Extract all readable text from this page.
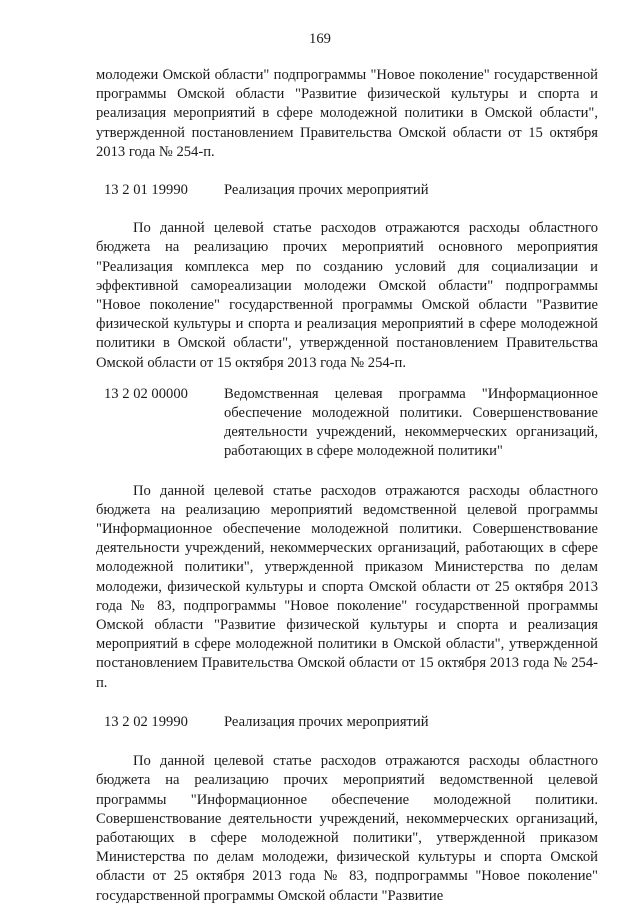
169

молодежи Омской области" подпрограммы "Новое поколение" государственной программы Омской области "Развитие физической культуры и спорта и реализация мероприятий в сфере молодежной политики в Омской области", утвержденной постановлением Правительства Омской области от 15 октября 2013 года № 254-п.

13 2 01 19990	Реализация прочих мероприятий

По данной целевой статье расходов отражаются расходы областного бюджета на реализацию прочих мероприятий основного мероприятия "Реализация комплекса мер по созданию условий для социализации и эффективной самореализации молодежи Омской области" подпрограммы "Новое поколение" государственной программы Омской области "Развитие физической культуры и спорта и реализация мероприятий в сфере молодежной политики в Омской области", утвержденной постановлением Правительства Омской области от 15 октября 2013 года № 254-п.

13 2 02 00000	Ведомственная целевая программа "Информационное обеспечение молодежной политики. Совершенствование деятельности учреждений, некоммерческих организаций, работающих в сфере молодежной политики"

По данной целевой статье расходов отражаются расходы областного бюджета на реализацию мероприятий ведомственной целевой программы "Информационное обеспечение молодежной политики. Совершенствование деятельности учреждений, некоммерческих организаций, работающих в сфере молодежной политики", утвержденной приказом Министерства по делам молодежи, физической культуры и спорта Омской области от 25 октября 2013 года № 83, подпрограммы "Новое поколение" государственной программы Омской области "Развитие физической культуры и спорта и реализация мероприятий в сфере молодежной политики в Омской области", утвержденной постановлением Правительства Омской области от 15 октября 2013 года № 254-п.

13 2 02 19990	Реализация прочих мероприятий

По данной целевой статье расходов отражаются расходы областного бюджета на реализацию прочих мероприятий ведомственной целевой программы "Информационное обеспечение молодежной политики. Совершенствование деятельности учреждений, некоммерческих организаций, работающих в сфере молодежной политики", утвержденной приказом Министерства по делам молодежи, физической культуры и спорта Омской области от 25 октября 2013 года № 83, подпрограммы "Новое поколение" государственной программы Омской области "Развитие
